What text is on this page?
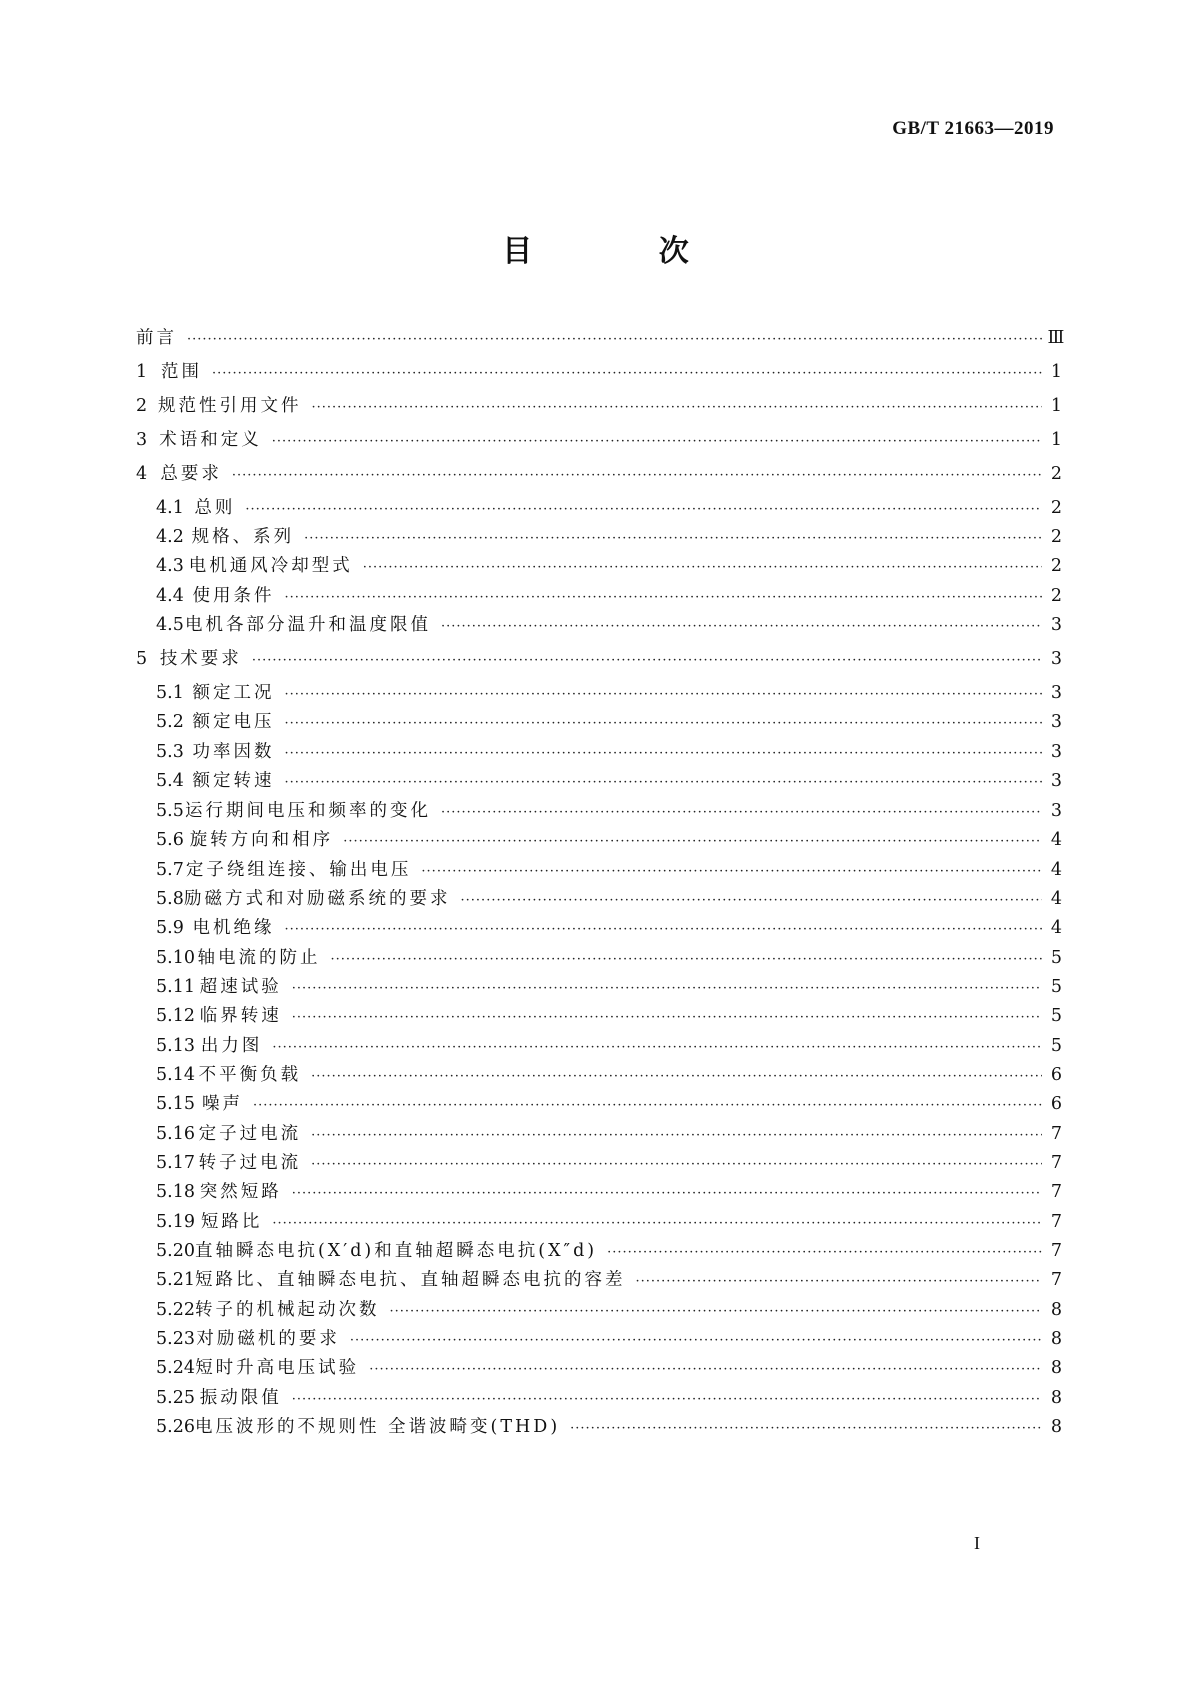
GB/T 21663—2019
目 次
前言 ·····	Ⅲ
1 范围 ·····	1
2 规范性引用文件 ·····	1
3 术语和定义 ·····	1
4 总要求 ·····	2
4.1 总则 ·····	2
4.2 规格、系列 ·····	2
4.3 电机通风冷却型式 ·····	2
4.4 使用条件 ·····	2
4.5 电机各部分温升和温度限值 ·····	3
5 技术要求 ·····	3
5.1 额定工况 ·····	3
5.2 额定电压 ·····	3
5.3 功率因数 ·····	3
5.4 额定转速 ·····	3
5.5 运行期间电压和频率的变化 ·····	3
5.6 旋转方向和相序 ·····	4
5.7 定子绕组连接、输出电压 ·····	4
5.8 励磁方式和对励磁系统的要求 ·····	4
5.9 电机绝缘 ·····	4
5.10 轴电流的防止 ·····	5
5.11 超速试验 ·····	5
5.12 临界转速 ·····	5
5.13 出力图 ·····	5
5.14 不平衡负载 ·····	6
5.15 噪声 ·····	6
5.16 定子过电流 ·····	7
5.17 转子过电流 ·····	7
5.18 突然短路 ·····	7
5.19 短路比 ·····	7
5.20 直轴瞬态电抗(X′d)和直轴超瞬态电抗(X″d) ·····	7
5.21 短路比、直轴瞬态电抗、直轴超瞬态电抗的容差 ·····	7
5.22 转子的机械起动次数 ·····	8
5.23 对励磁机的要求 ·····	8
5.24 短时升高电压试验 ·····	8
5.25 振动限值 ·····	8
5.26 电压波形的不规则性 全谐波畸变(THD) ·····	8
I
